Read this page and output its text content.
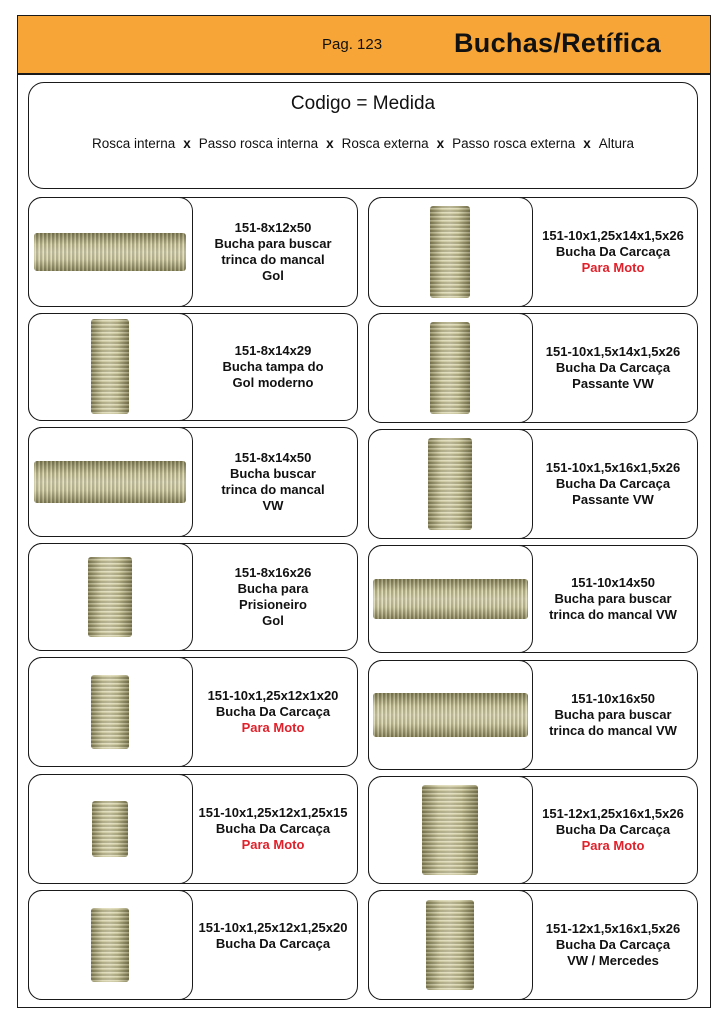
Pag. 123	Buchas/Retífica
Codigo = Medida
Rosca interna x Passo rosca interna x Rosca externa x Passo rosca externa x Altura
151-8x12x50
Bucha para buscar
trinca do mancal
Gol
151-8x14x29
Bucha tampa do
Gol moderno
151-8x14x50
Bucha buscar
trinca do mancal
VW
151-8x16x26
Bucha para
Prisioneiro
Gol
151-10x1,25x12x1x20
Bucha Da Carcaça
Para Moto
151-10x1,25x12x1,25x15
Bucha Da Carcaça
Para Moto
151-10x1,25x12x1,25x20
Bucha Da Carcaça
151-10x1,25x14x1,5x26
Bucha Da Carcaça
Para Moto
151-10x1,5x14x1,5x26
Bucha Da Carcaça
Passante VW
151-10x1,5x16x1,5x26
Bucha Da Carcaça
Passante VW
151-10x14x50
Bucha para buscar
trinca do mancal VW
151-10x16x50
Bucha para buscar
trinca do mancal VW
151-12x1,25x16x1,5x26
Bucha Da Carcaça
Para Moto
151-12x1,5x16x1,5x26
Bucha Da Carcaça
VW / Mercedes
